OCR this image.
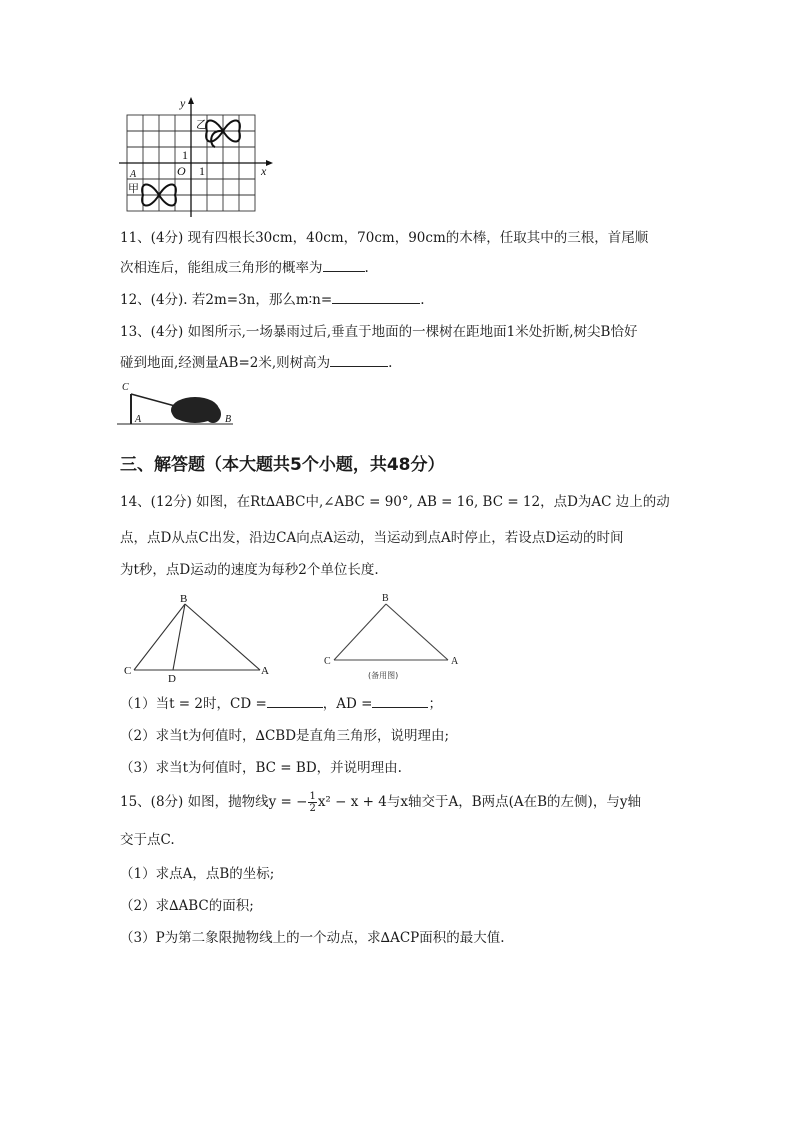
y
x
O 1
1
A
甲
乙
11、(4分) 现有四根长30cm，40cm，70cm，90cm的木棒，任取其中的三根，首尾顺
次相连后，能组成三角形的概率为	.
12、(4分). 若2m=3n，那么m∶n=	.
13、(4分) 如图所示,一场暴雨过后,垂直于地面的一棵树在距地面1米处折断,树尖B恰好
碰到地面,经测量AB=2米,则树高为	.
C
A	B
三、解答题（本大题共5个小题，共48分）
14、(12分) 如图，在Rt∆ABC中,∠ABC = 90°, AB = 16, BC = 12，点D为AC 边上的动
点，点D从点C出发，沿边CA向点A运动，当运动到点A时停止，若设点D运动的时间
为t秒，点D运动的速度为每秒2个单位长度.
B
C
D
A
B
C	A
(备用图)
（1）当t = 2时，CD =	，AD =	；
（2）求当t为何值时，∆CBD是直角三角形，说明理由;
（3）求当t为何值时，BC = BD，并说明理由.
15、(8分) 如图，抛物线y = − $\frac{1}{2} x^2 - x + 4$与x轴交于A，B两点(A在B的左侧)，与y轴
交于点C.
（1）求点A，点B的坐标;
（2）求∆ABC的面积;
（3）P为第二象限抛物线上的一个动点，求∆ACP面积的最大值.
